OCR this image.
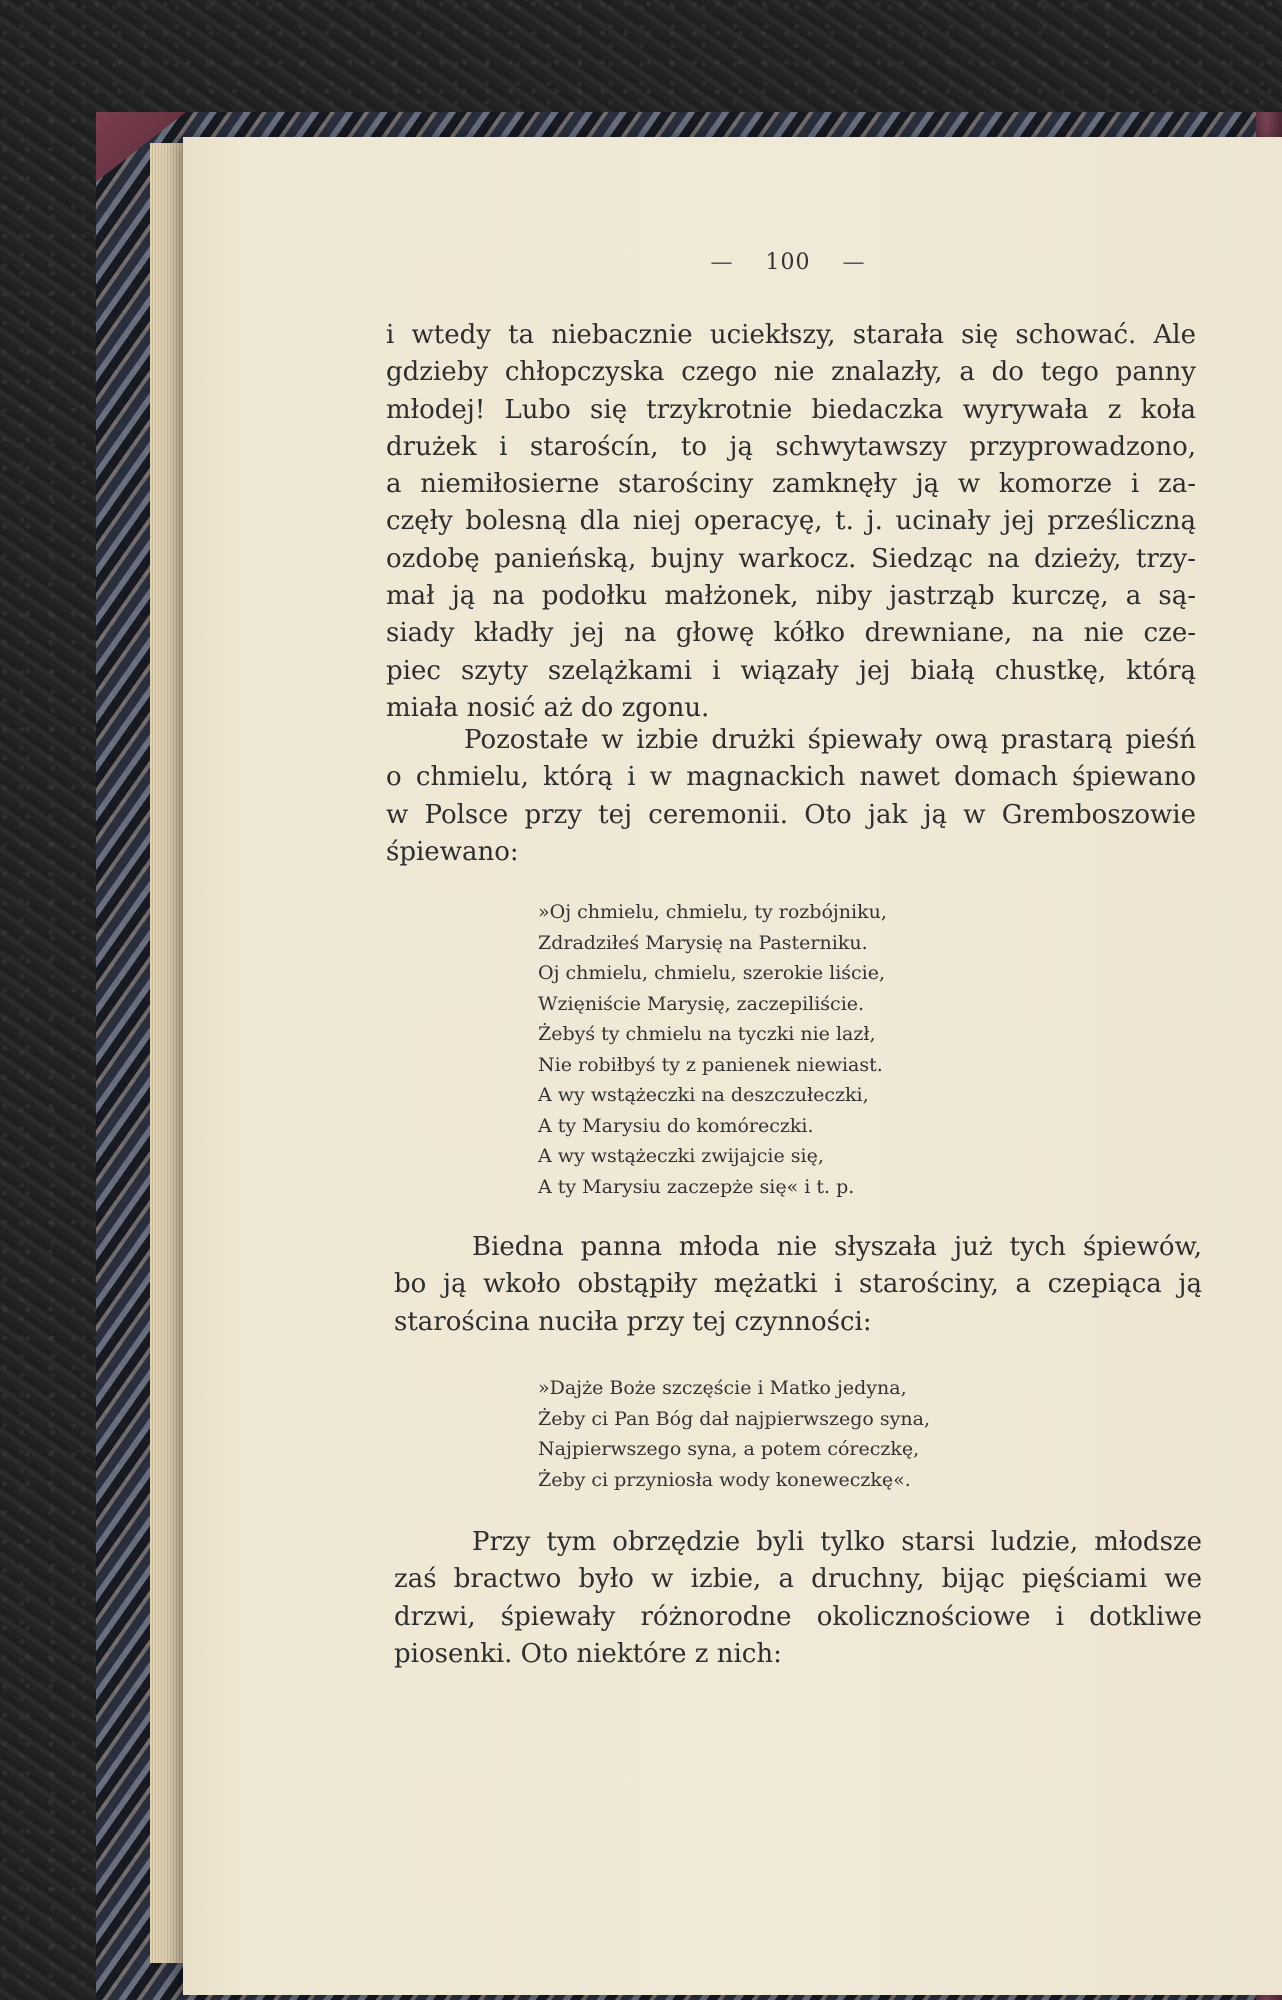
— 100 —
i wtedy ta niebacznie uciekłszy, starała się schować. Ale
gdzieby chłopczyska czego nie znalazły, a do tego panny
młodej! Lubo się trzykrotnie biedaczka wyrywała z koła
drużek i staroścín, to ją schwytawszy przyprowadzono,
a niemiłosierne starościny zamknęły ją w komorze i za-
częły bolesną dla niej operacyę, t. j. ucinały jej prześliczną
ozdobę panieńską, bujny warkocz. Siedząc na dzieży, trzy-
mał ją na podołku małżonek, niby jastrząb kurczę, a są-
siady kładły jej na głowę kółko drewniane, na nie cze-
piec szyty szelążkami i wiązały jej białą chustkę, którą
miała nosić aż do zgonu.
Pozostałe w izbie drużki śpiewały ową prastarą pieśń
o chmielu, którą i w magnackich nawet domach śpiewano
w Polsce przy tej ceremonii. Oto jak ją w Gremboszowie
śpiewano:
»Oj chmielu, chmielu, ty rozbójniku,
Zdradziłeś Marysię na Pasterniku.
Oj chmielu, chmielu, szerokie liście,
Wzięniście Marysię, zaczepiliście.
Żebyś ty chmielu na tyczki nie lazł,
Nie robiłbyś ty z panienek niewiast.
A wy wstążeczki na deszczułeczki,
A ty Marysiu do komóreczki.
A wy wstążeczki zwijajcie się,
A ty Marysiu zaczepże się« i t. p.
Biedna panna młoda nie słyszała już tych śpiewów,
bo ją wkoło obstąpiły mężatki i starościny, a czepiąca ją
starościna nuciła przy tej czynności:
»Dajże Boże szczęście i Matko jedyna,
Żeby ci Pan Bóg dał najpierwszego syna,
Najpierwszego syna, a potem córeczkę,
Żeby ci przyniosła wody koneweczkę«.
Przy tym obrzędzie byli tylko starsi ludzie, młodsze
zaś bractwo było w izbie, a druchny, bijąc pięściami we
drzwi, śpiewały różnorodne okolicznościowe i dotkliwe
piosenki. Oto niektóre z nich:
